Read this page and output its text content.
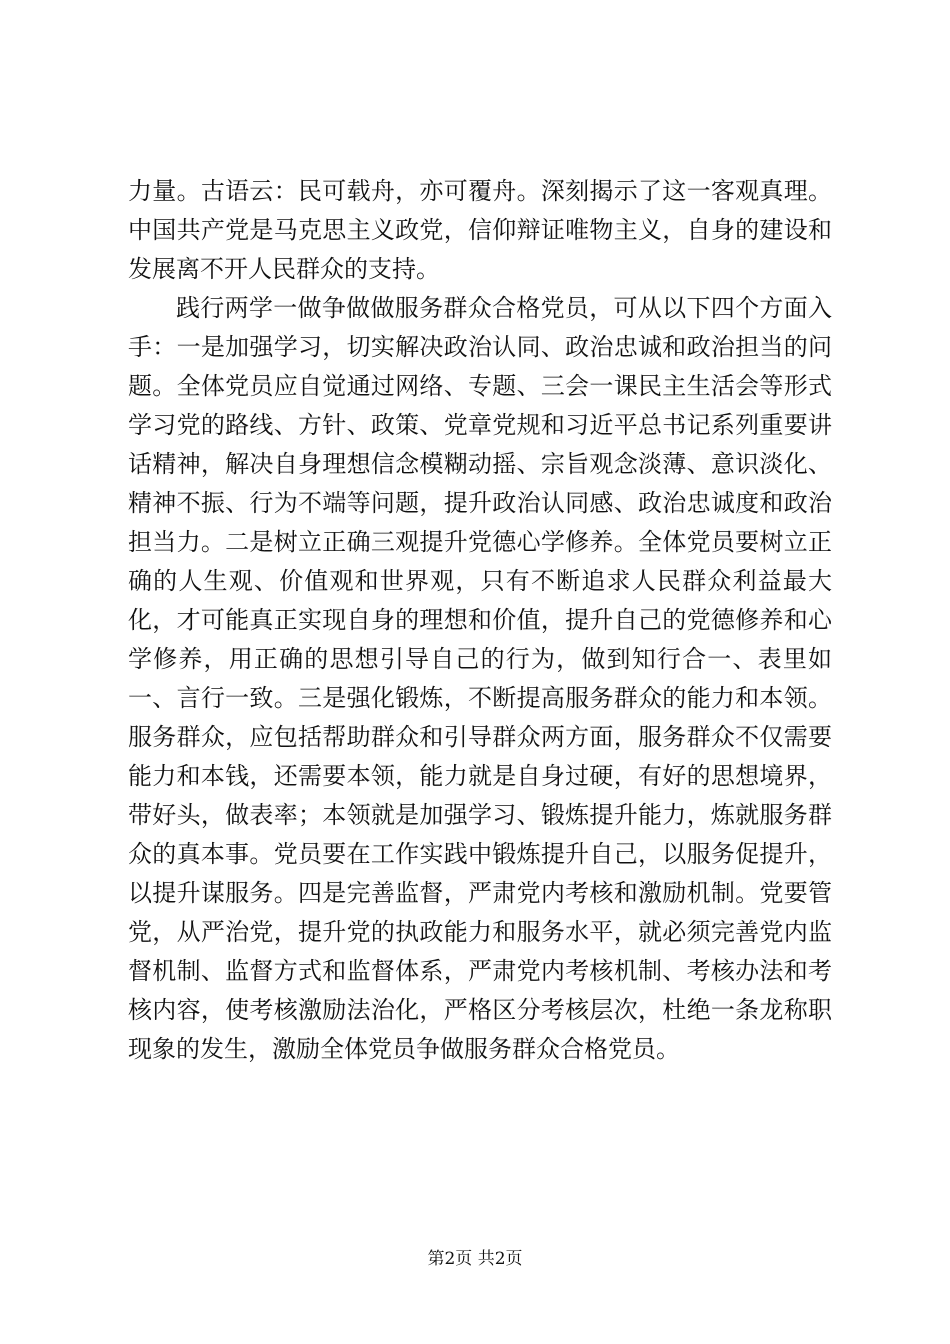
力量。古语云：民可载舟，亦可覆舟。深刻揭示了这一客观真理。中国共产党是马克思主义政党，信仰辩证唯物主义，自身的建设和发展离不开人民群众的支持。

践行两学一做争做做服务群众合格党员，可从以下四个方面入手：一是加强学习，切实解决政治认同、政治忠诚和政治担当的问题。全体党员应自觉通过网络、专题、三会一课民主生活会等形式学习党的路线、方针、政策、党章党规和习近平总书记系列重要讲话精神，解决自身理想信念模糊动摇、宗旨观念淡薄、意识淡化、精神不振、行为不端等问题，提升政治认同感、政治忠诚度和政治担当力。二是树立正确三观提升党德心学修养。全体党员要树立正确的人生观、价值观和世界观，只有不断追求人民群众利益最大化，才可能真正实现自身的理想和价值，提升自己的党德修养和心学修养，用正确的思想引导自己的行为，做到知行合一、表里如一、言行一致。三是强化锻炼，不断提高服务群众的能力和本领。服务群众，应包括帮助群众和引导群众两方面，服务群众不仅需要能力和本钱，还需要本领，能力就是自身过硬，有好的思想境界，带好头，做表率；本领就是加强学习、锻炼提升能力，炼就服务群众的真本事。党员要在工作实践中锻炼提升自己，以服务促提升，以提升谋服务。四是完善监督，严肃党内考核和激励机制。党要管党，从严治党，提升党的执政能力和服务水平，就必须完善党内监督机制、监督方式和监督体系，严肃党内考核机制、考核办法和考核内容，使考核激励法治化，严格区分考核层次，杜绝一条龙称职现象的发生，激励全体党员争做服务群众合格党员。

第2页 共2页
